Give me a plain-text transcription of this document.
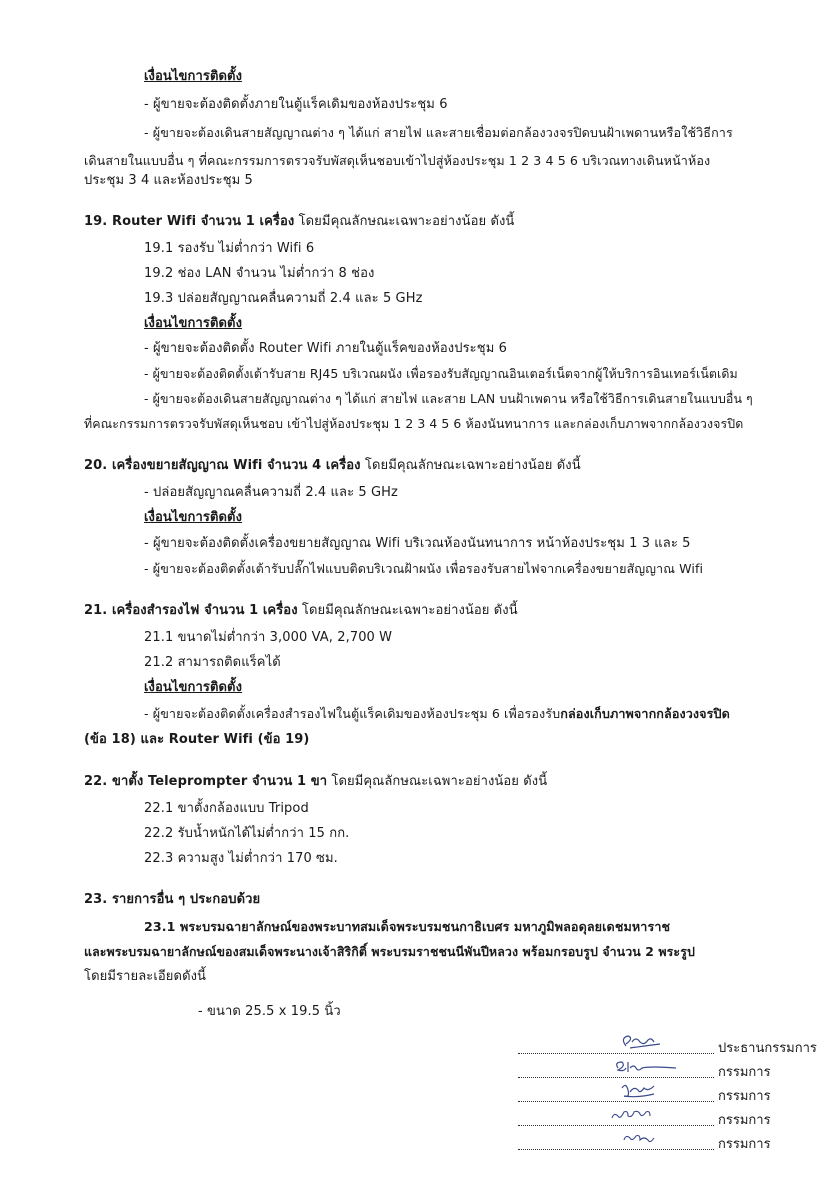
เงื่อนไขการติดตั้ง
- ผู้ขายจะต้องติดตั้งภายในตู้แร็คเดิมของห้องประชุม 6
- ผู้ขายจะต้องเดินสายสัญญาณต่าง ๆ ได้แก่ สายไฟ และสายเชื่อมต่อกล้องวงจรปิดบนฝ้าเพดานหรือใช้วิธีการ
เดินสายในแบบอื่น ๆ ที่คณะกรรมการตรวจรับพัสดุเห็นชอบเข้าไปสู่ห้องประชุม 1 2 3 4 5 6 บริเวณทางเดินหน้าห้อง
ประชุม 3 4 และห้องประชุม 5
19. Router Wifi จำนวน 1 เครื่อง โดยมีคุณลักษณะเฉพาะอย่างน้อย ดังนี้
19.1 รองรับ ไม่ต่ำกว่า Wifi 6
19.2 ช่อง LAN จำนวน ไม่ต่ำกว่า 8 ช่อง
19.3 ปล่อยสัญญาณคลื่นความถี่ 2.4 และ 5 GHz
เงื่อนไขการติดตั้ง
- ผู้ขายจะต้องติดตั้ง Router Wifi ภายในตู้แร็คของห้องประชุม 6
- ผู้ขายจะต้องติดตั้งเต้ารับสาย RJ45 บริเวณผนัง เพื่อรองรับสัญญาณอินเตอร์เน็ตจากผู้ให้บริการอินเทอร์เน็ตเดิม
- ผู้ขายจะต้องเดินสายสัญญาณต่าง ๆ ได้แก่ สายไฟ และสาย LAN บนฝ้าเพดาน หรือใช้วิธีการเดินสายในแบบอื่น ๆ
ที่คณะกรรมการตรวจรับพัสดุเห็นชอบ เข้าไปสู่ห้องประชุม 1 2 3 4 5 6 ห้องนันทนาการ และกล่องเก็บภาพจากกล้องวงจรปิด
20. เครื่องขยายสัญญาณ Wifi จำนวน 4 เครื่อง โดยมีคุณลักษณะเฉพาะอย่างน้อย ดังนี้
- ปล่อยสัญญาณคลื่นความถี่ 2.4 และ 5 GHz
เงื่อนไขการติดตั้ง
- ผู้ขายจะต้องติดตั้งเครื่องขยายสัญญาณ Wifi บริเวณห้องนันทนาการ หน้าห้องประชุม 1 3 และ 5
- ผู้ขายจะต้องติดตั้งเต้ารับปลั๊กไฟแบบติดบริเวณฝ้าผนัง เพื่อรองรับสายไฟจากเครื่องขยายสัญญาณ Wifi
21. เครื่องสำรองไฟ จำนวน 1 เครื่อง โดยมีคุณลักษณะเฉพาะอย่างน้อย ดังนี้
21.1 ขนาดไม่ต่ำกว่า 3,000 VA, 2,700 W
21.2 สามารถติดแร็คได้
เงื่อนไขการติดตั้ง
- ผู้ขายจะต้องติดตั้งเครื่องสำรองไฟในตู้แร็คเดิมของห้องประชุม 6 เพื่อรองรับกล่องเก็บภาพจากกล้องวงจรปิด
(ข้อ 18) และ Router Wifi (ข้อ 19)
22. ขาตั้ง Teleprompter จำนวน 1 ขา โดยมีคุณลักษณะเฉพาะอย่างน้อย ดังนี้
22.1 ขาตั้งกล้องแบบ Tripod
22.2 รับน้ำหนักได้ไม่ต่ำกว่า 15 กก.
22.3 ความสูง ไม่ต่ำกว่า 170 ซม.
23. รายการอื่น ๆ ประกอบด้วย
23.1 พระบรมฉายาลักษณ์ของพระบาทสมเด็จพระบรมชนกาธิเบศร มหาภูมิพลอดุลยเดชมหาราช
และพระบรมฉายาลักษณ์ของสมเด็จพระนางเจ้าสิริกิติ์ พระบรมราชชนนีพันปีหลวง พร้อมกรอบรูป จำนวน 2 พระรูป
โดยมีรายละเอียดดังนี้
- ขนาด 25.5 x 19.5 นิ้ว
ประธานกรรมการ
กรรมการ
กรรมการ
กรรมการ
กรรมการ
